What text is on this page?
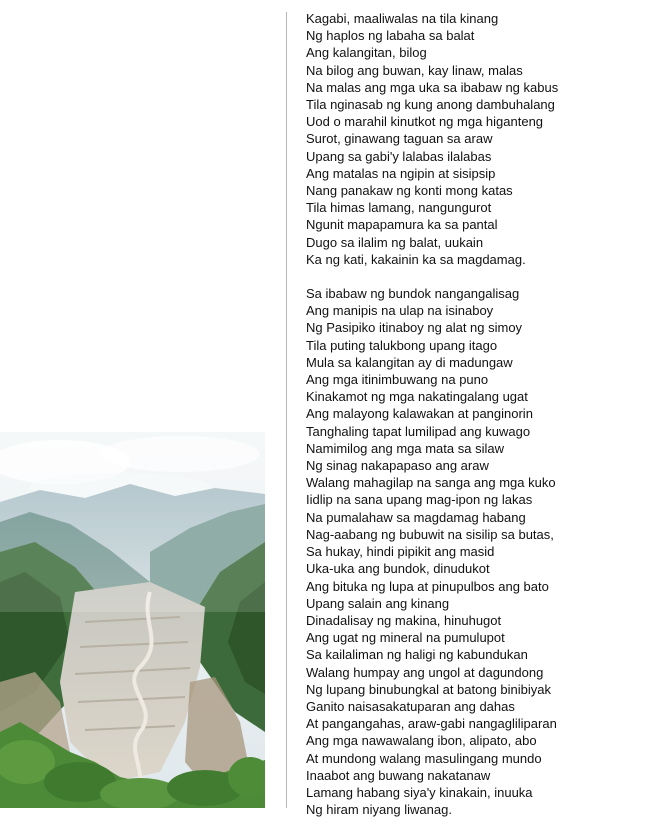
Kagabi, maaliwalas na tila kinang
Ng haplos ng labaha sa balat
Ang kalangitan, bilog
Na bilog ang buwan, kay linaw, malas
Na malas ang mga uka sa ibabaw ng kabus
Tila nginasab ng kung anong dambuhalang
Uod o marahil kinutkot ng mga higanteng
Surot, ginawang taguan sa araw
Upang sa gabi'y lalabas ilalabas
Ang matalas na ngipin at sisipsip
Nang panakaw ng konti mong katas
Tila himas lamang, nangungurot
Ngunit mapapamura ka sa pantal
Dugo sa ilalim ng balat, uukain
Ka ng kati, kakainin ka sa magdamag.
Sa ibabaw ng bundok nangangalisag
Ang manipis na ulap na isinaboy
Ng Pasipiko itinaboy ng alat ng simoy
Tila puting talukbong upang itago
Mula sa kalangitan ay di madungaw
Ang mga itinimbuwang na puno
Kinakamot ng mga nakatingalang ugat
Ang malayong kalawakan at panginorin
Tanghaling tapat lumilipad ang kuwago
Namimilog ang mga mata sa silaw
Ng sinag nakapapaso ang araw
Walang mahagilap na sanga ang mga kuko
Iidlip na sana upang mag-ipon ng lakas
Na pumalahaw sa magdamag habang
Nag-aabang ng bubuwit na sisilip sa butas,
Sa hukay, hindi pipikit ang masid
Uka-uka ang bundok, dinudukot
Ang bituka ng lupa at pinupulbos ang bato
Upang salain ang kinang
Dinadalisay ng makina, hinuhugot
Ang ugat ng mineral na pumulupot
Sa kailaliman ng haligi ng kabundukan
Walang humpay ang ungol at dagundong
Ng lupang binubungkal at batong binibiyak
Ganito naisasakatuparan ang dahas
At pangangahas, araw-gabi nangagliliparan
Ang mga nawawalang ibon, alipato, abo
At mundong walang masulingang mundo
Inaabot ang buwang nakatanaw
Lamang habang siya'y kinakain, inuuka
Ng hiram niyang liwanag.
